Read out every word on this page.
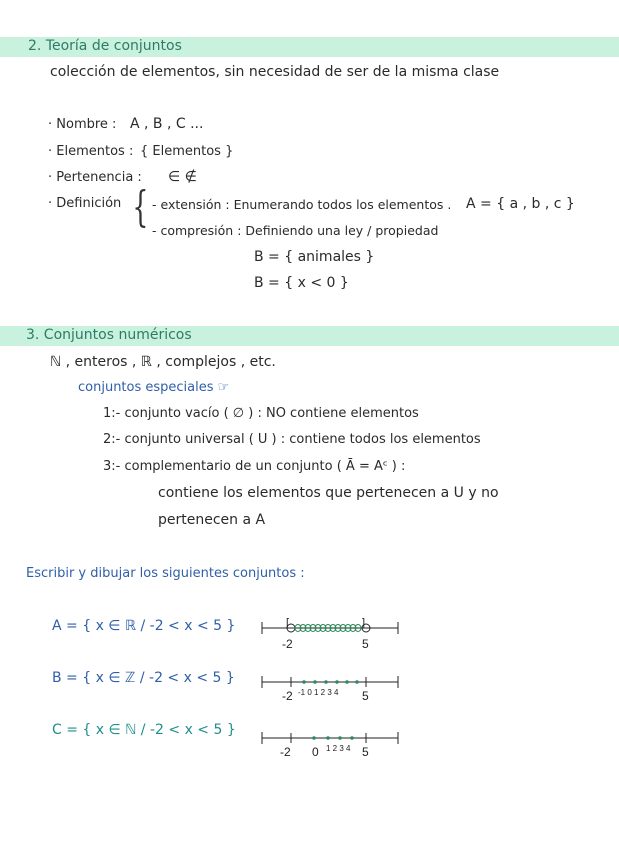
2. Teoría de conjuntos
colección de elementos, sin necesidad de ser de la misma clase
· Nombre : A , B , C ...
· Elementos : { Elementos }
· Pertenencia : ∈ ∉
· Definición { - extensión : Enumerando todos los elementos . A = { a , b , c }
- compresión : Definiendo una ley / propiedad
B = { animales }
B = { x < 0 }
3. Conjuntos numéricos
ℕ , enteros , ℝ , complejos , etc.
conjuntos especiales ☞
1:- conjunto vacío ( ∅ ) : NO contiene elementos
2:- conjunto universal ( U ) : contiene todos los elementos
3:- complementario de un conjunto ( Ā = Aᶜ ) :
contiene los elementos que pertenecen a U y no
pertenecen a A
Escribir y dibujar los siguientes conjuntos :
A = { x ∈ ℝ / -2 < x < 5 }	[	]
-2	5
B = { x ∈ ℤ / -2 < x < 5 }
-2 -1 0 1 2 3 4 5
C = { x ∈ ℕ / -2 < x < 5 }
-2 0 1 2 3 4 5
